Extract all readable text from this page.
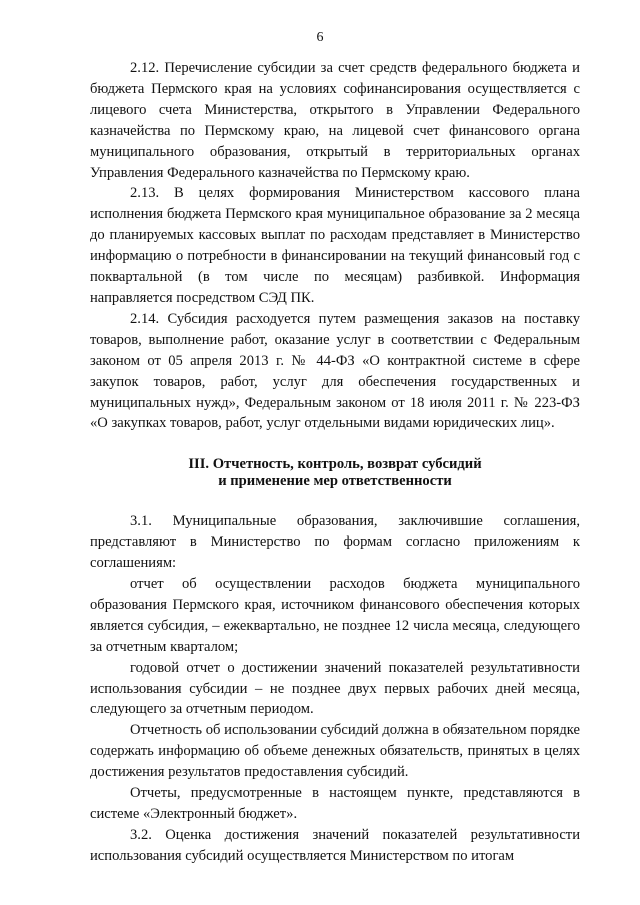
6

2.12. Перечисление субсидии за счет средств федерального бюджета и бюджета Пермского края на условиях софинансирования осуществляется с лицевого счета Министерства, открытого в Управлении Федерального казначейства по Пермскому краю, на лицевой счет финансового органа муниципального образования, открытый в территориальных органах Управления Федерального казначейства по Пермскому краю.

2.13. В целях формирования Министерством кассового плана исполнения бюджета Пермского края муниципальное образование за 2 месяца до планируемых кассовых выплат по расходам представляет в Министерство информацию о потребности в финансировании на текущий финансовый год с поквартальной (в том числе по месяцам) разбивкой. Информация направляется посредством СЭД ПК.

2.14. Субсидия расходуется путем размещения заказов на поставку товаров, выполнение работ, оказание услуг в соответствии с Федеральным законом от 05 апреля 2013 г. № 44-ФЗ «О контрактной системе в сфере закупок товаров, работ, услуг для обеспечения государственных и муниципальных нужд», Федеральным законом от 18 июля 2011 г. № 223-ФЗ «О закупках товаров, работ, услуг отдельными видами юридических лиц».

III. Отчетность, контроль, возврат субсидий
и применение мер ответственности

3.1. Муниципальные образования, заключившие соглашения, представляют в Министерство по формам согласно приложениям к соглашениям:

отчет об осуществлении расходов бюджета муниципального образования Пермского края, источником финансового обеспечения которых является субсидия, – ежеквартально, не позднее 12 числа месяца, следующего за отчетным кварталом;

годовой отчет о достижении значений показателей результативности использования субсидии – не позднее двух первых рабочих дней месяца, следующего за отчетным периодом.

Отчетность об использовании субсидий должна в обязательном порядке содержать информацию об объеме денежных обязательств, принятых в целях достижения результатов предоставления субсидий.

Отчеты, предусмотренные в настоящем пункте, представляются в системе «Электронный бюджет».

3.2. Оценка достижения значений показателей результативности использования субсидий осуществляется Министерством по итогам
